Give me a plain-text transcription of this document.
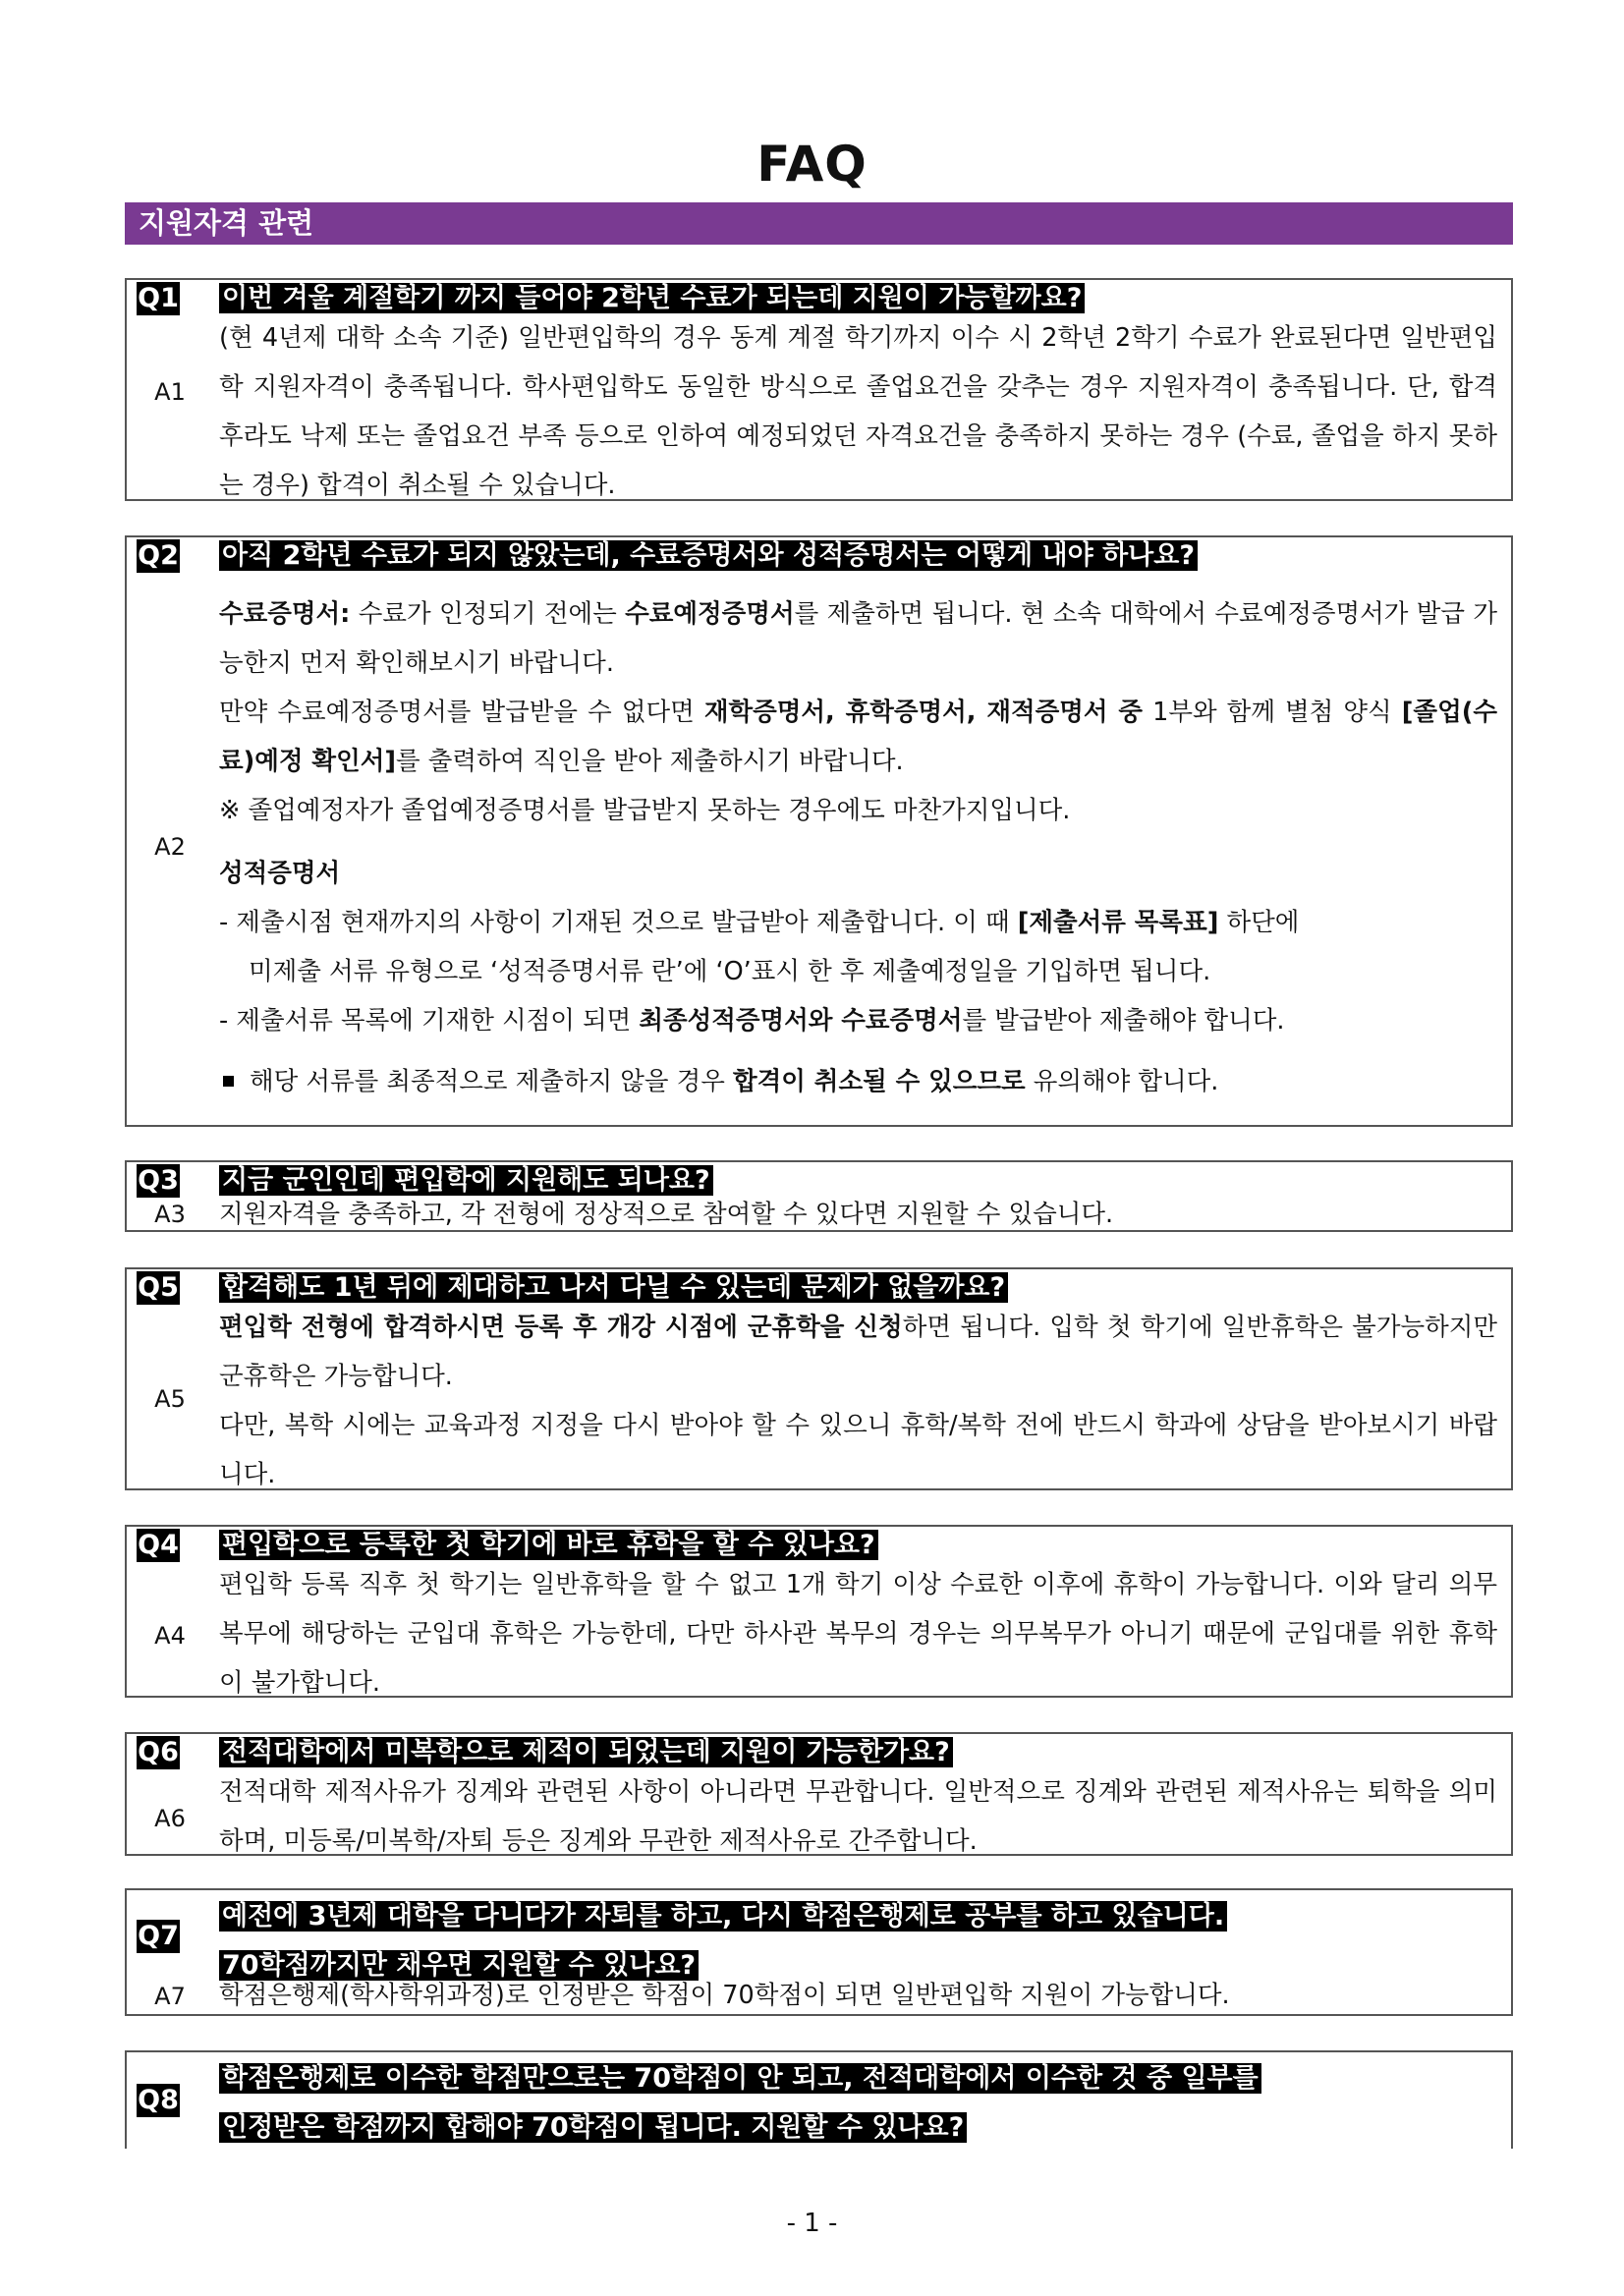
FAQ
지원자격 관련
Q1 이번 겨울 계절학기 까지 들어야 2학년 수료가 되는데 지원이 가능할까요?
A1
(현 4년제 대학 소속 기준) 일반편입학의 경우 동계 계절 학기까지 이수 시 2학년 2학기 수료가 완료된다면 일반편입학 지원자격이 충족됩니다. 학사편입학도 동일한 방식으로 졸업요건을 갖추는 경우 지원자격이 충족됩니다. 단, 합격 후라도 낙제 또는 졸업요건 부족 등으로 인하여 예정되었던 자격요건을 충족하지 못하는 경우 (수료, 졸업을 하지 못하는 경우) 합격이 취소될 수 있습니다.
Q2 아직 2학년 수료가 되지 않았는데, 수료증명서와 성적증명서는 어떻게 내야 하나요?
A2

수료증명서: 수료가 인정되기 전에는 수료예정증명서를 제출하면 됩니다. 현 소속 대학에서 수료예정증명서가 발급 가능한지 먼저 확인해보시기 바랍니다.

만약 수료예정증명서를 발급받을 수 없다면 재학증명서, 휴학증명서, 재적증명서 중 1부와 함께 별첨 양식 [졸업(수료)예정 확인서]를 출력하여 직인을 받아 제출하시기 바랍니다.

※ 졸업예정자가 졸업예정증명서를 발급받지 못하는 경우에도 마찬가지입니다.

성적증명서

- 제출시점 현재까지의 사항이 기재된 것으로 발급받아 제출합니다. 이 때 [제출서류 목록표] 하단에

미제출 서류 유형으로 ‘성적증명서류 란’에 ‘O’표시 한 후 제출예정일을 기입하면 됩니다.

- 제출서류 목록에 기재한 시점이 되면 최종성적증명서와 수료증명서를 발급받아 제출해야 합니다.

해당 서류를 최종적으로 제출하지 않을 경우 합격이 취소될 수 있으므로 유의해야 합니다.

Q3 지금 군인인데 편입학에 지원해도 되나요?
A3	지원자격을 충족하고, 각 전형에 정상적으로 참여할 수 있다면 지원할 수 있습니다.
Q5 합격해도 1년 뒤에 제대하고 나서 다닐 수 있는데 문제가 없을까요?
A5

편입학 전형에 합격하시면 등록 후 개강 시점에 군휴학을 신청하면 됩니다. 입학 첫 학기에 일반휴학은 불가능하지만 군휴학은 가능합니다.

다만, 복학 시에는 교육과정 지정을 다시 받아야 할 수 있으니 휴학/복학 전에 반드시 학과에 상담을 받아보시기 바랍니다.

Q4 편입학으로 등록한 첫 학기에 바로 휴학을 할 수 있나요?
A4
편입학 등록 직후 첫 학기는 일반휴학을 할 수 없고 1개 학기 이상 수료한 이후에 휴학이 가능합니다. 이와 달리 의무복무에 해당하는 군입대 휴학은 가능한데, 다만 하사관 복무의 경우는 의무복무가 아니기 때문에 군입대를 위한 휴학이 불가합니다.
Q6 전적대학에서 미복학으로 제적이 되었는데 지원이 가능한가요?
A6
전적대학 제적사유가 징계와 관련된 사항이 아니라면 무관합니다. 일반적으로 징계와 관련된 제적사유는 퇴학을 의미하며, 미등록/미복학/자퇴 등은 징계와 무관한 제적사유로 간주합니다.
Q7
예전에 3년제 대학을 다니다가 자퇴를 하고, 다시 학점은행제로 공부를 하고 있습니다.
70학점까지만 채우면 지원할 수 있나요?
A7	학점은행제(학사학위과정)로 인정받은 학점이 70학점이 되면 일반편입학 지원이 가능합니다.
Q8
학점은행제로 이수한 학점만으로는 70학점이 안 되고, 전적대학에서 이수한 것 중 일부를
인정받은 학점까지 합해야 70학점이 됩니다. 지원할 수 있나요?
- 1 -
